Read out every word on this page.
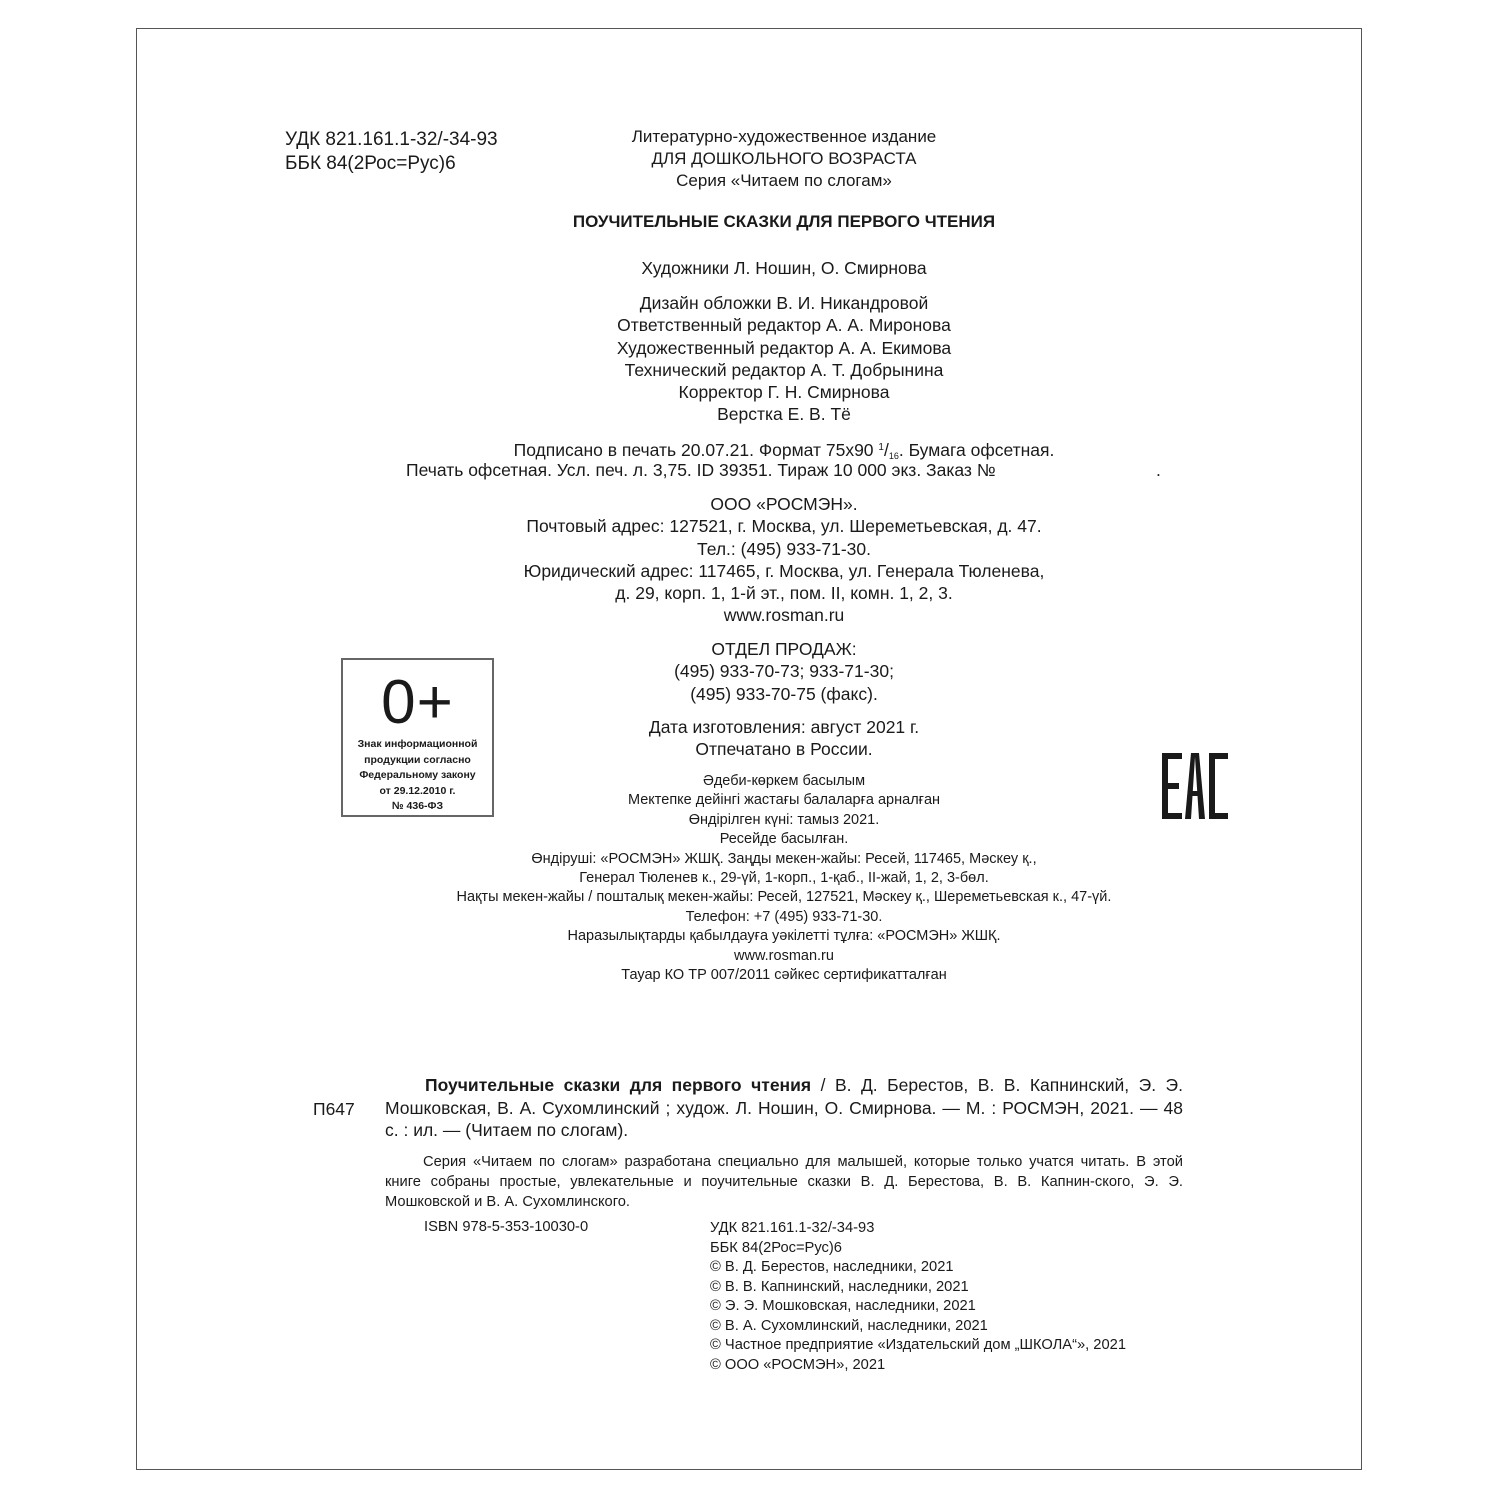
УДК 821.161.1-32/-34-93
ББК 84(2Рос=Рус)6
Литературно-художественное издание
ДЛЯ ДОШКОЛЬНОГО ВОЗРАСТА
Серия «Читаем по слогам»
ПОУЧИТЕЛЬНЫЕ СКАЗКИ ДЛЯ ПЕРВОГО ЧТЕНИЯ
Художники Л. Ношин, О. Смирнова
Дизайн обложки В. И. Никандровой
Ответственный редактор А. А. Миронова
Художественный редактор А. А. Екимова
Технический редактор А. Т. Добрынина
Корректор Г. Н. Смирнова
Верстка Е. В. Тё
Подписано в печать 20.07.21. Формат 75x90 $^1/_{16}$. Бумага офсетная.
Печать офсетная. Усл. печ. л. 3,75. ID 39351. Тираж 10 000 экз. Заказ №	.
ООО «РОСМЭН».
Почтовый адрес: 127521, г. Москва, ул. Шереметьевская, д. 47.
Тел.: (495) 933-71-30.
Юридический адрес: 117465, г. Москва, ул. Генерала Тюленева,
д. 29, корп. 1, 1-й эт., пом. II, комн. 1, 2, 3.
www.rosman.ru
ОТДЕЛ ПРОДАЖ:
(495) 933-70-73; 933-71-30;
(495) 933-70-75 (факс).
Дата изготовления: август 2021 г.
Отпечатано в России.
0+
Знак информационной
продукции согласно
Федеральному закону
от 29.12.2010 г.
№ 436-ФЗ
Әдеби-көркем басылым
Мектепке дейінгі жастағы балаларға арналған
Өндірілген күні: тамыз 2021.
Ресейде басылған.
Өндіруші: «РОСМЭН» ЖШҚ. Заңды мекен-жайы: Ресей, 117465, Мәскеу қ.,
Генерал Тюленев к., 29-үй, 1-корп., 1-қаб., II-жай, 1, 2, 3-бөл.
Нақты мекен-жайы / пошталық мекен-жайы: Ресей, 127521, Мәскеу қ., Шереметьевская к., 47-үй.
Телефон: +7 (495) 933-71-30.
Наразылықтарды қабылдауға уәкілетті тұлға: «РОСМЭН» ЖШҚ.
www.rosman.ru
Тауар КО ТР 007/2011 сәйкес сертификатталған
П647

Поучительные сказки для первого чтения / В. Д. Берестов, В. В. Капнинский, Э. Э. Мошковская, В. А. Сухомлинский ; худож. Л. Ношин, О. Смирнова. — М. : РОСМЭН, 2021. — 48 с. : ил. — (Читаем по слогам).

Серия «Читаем по слогам» разработана специально для малышей, которые только учатся читать. В этой книге собраны простые, увлекательные и поучительные сказки В. Д. Берестова, В. В. Капнин-ского, Э. Э. Мошковской и В. А. Сухомлинского.
ISBN 978-5-353-10030-0	УДК 821.161.1-32/-34-93
ББК 84(2Рос=Рус)6
© В. Д. Берестов, наследники, 2021
© В. В. Капнинский, наследники, 2021
© Э. Э. Мошковская, наследники, 2021
© В. А. Сухомлинский, наследники, 2021
© Частное предприятие «Издательский дом „ШКОЛА“», 2021
© ООО «РОСМЭН», 2021
